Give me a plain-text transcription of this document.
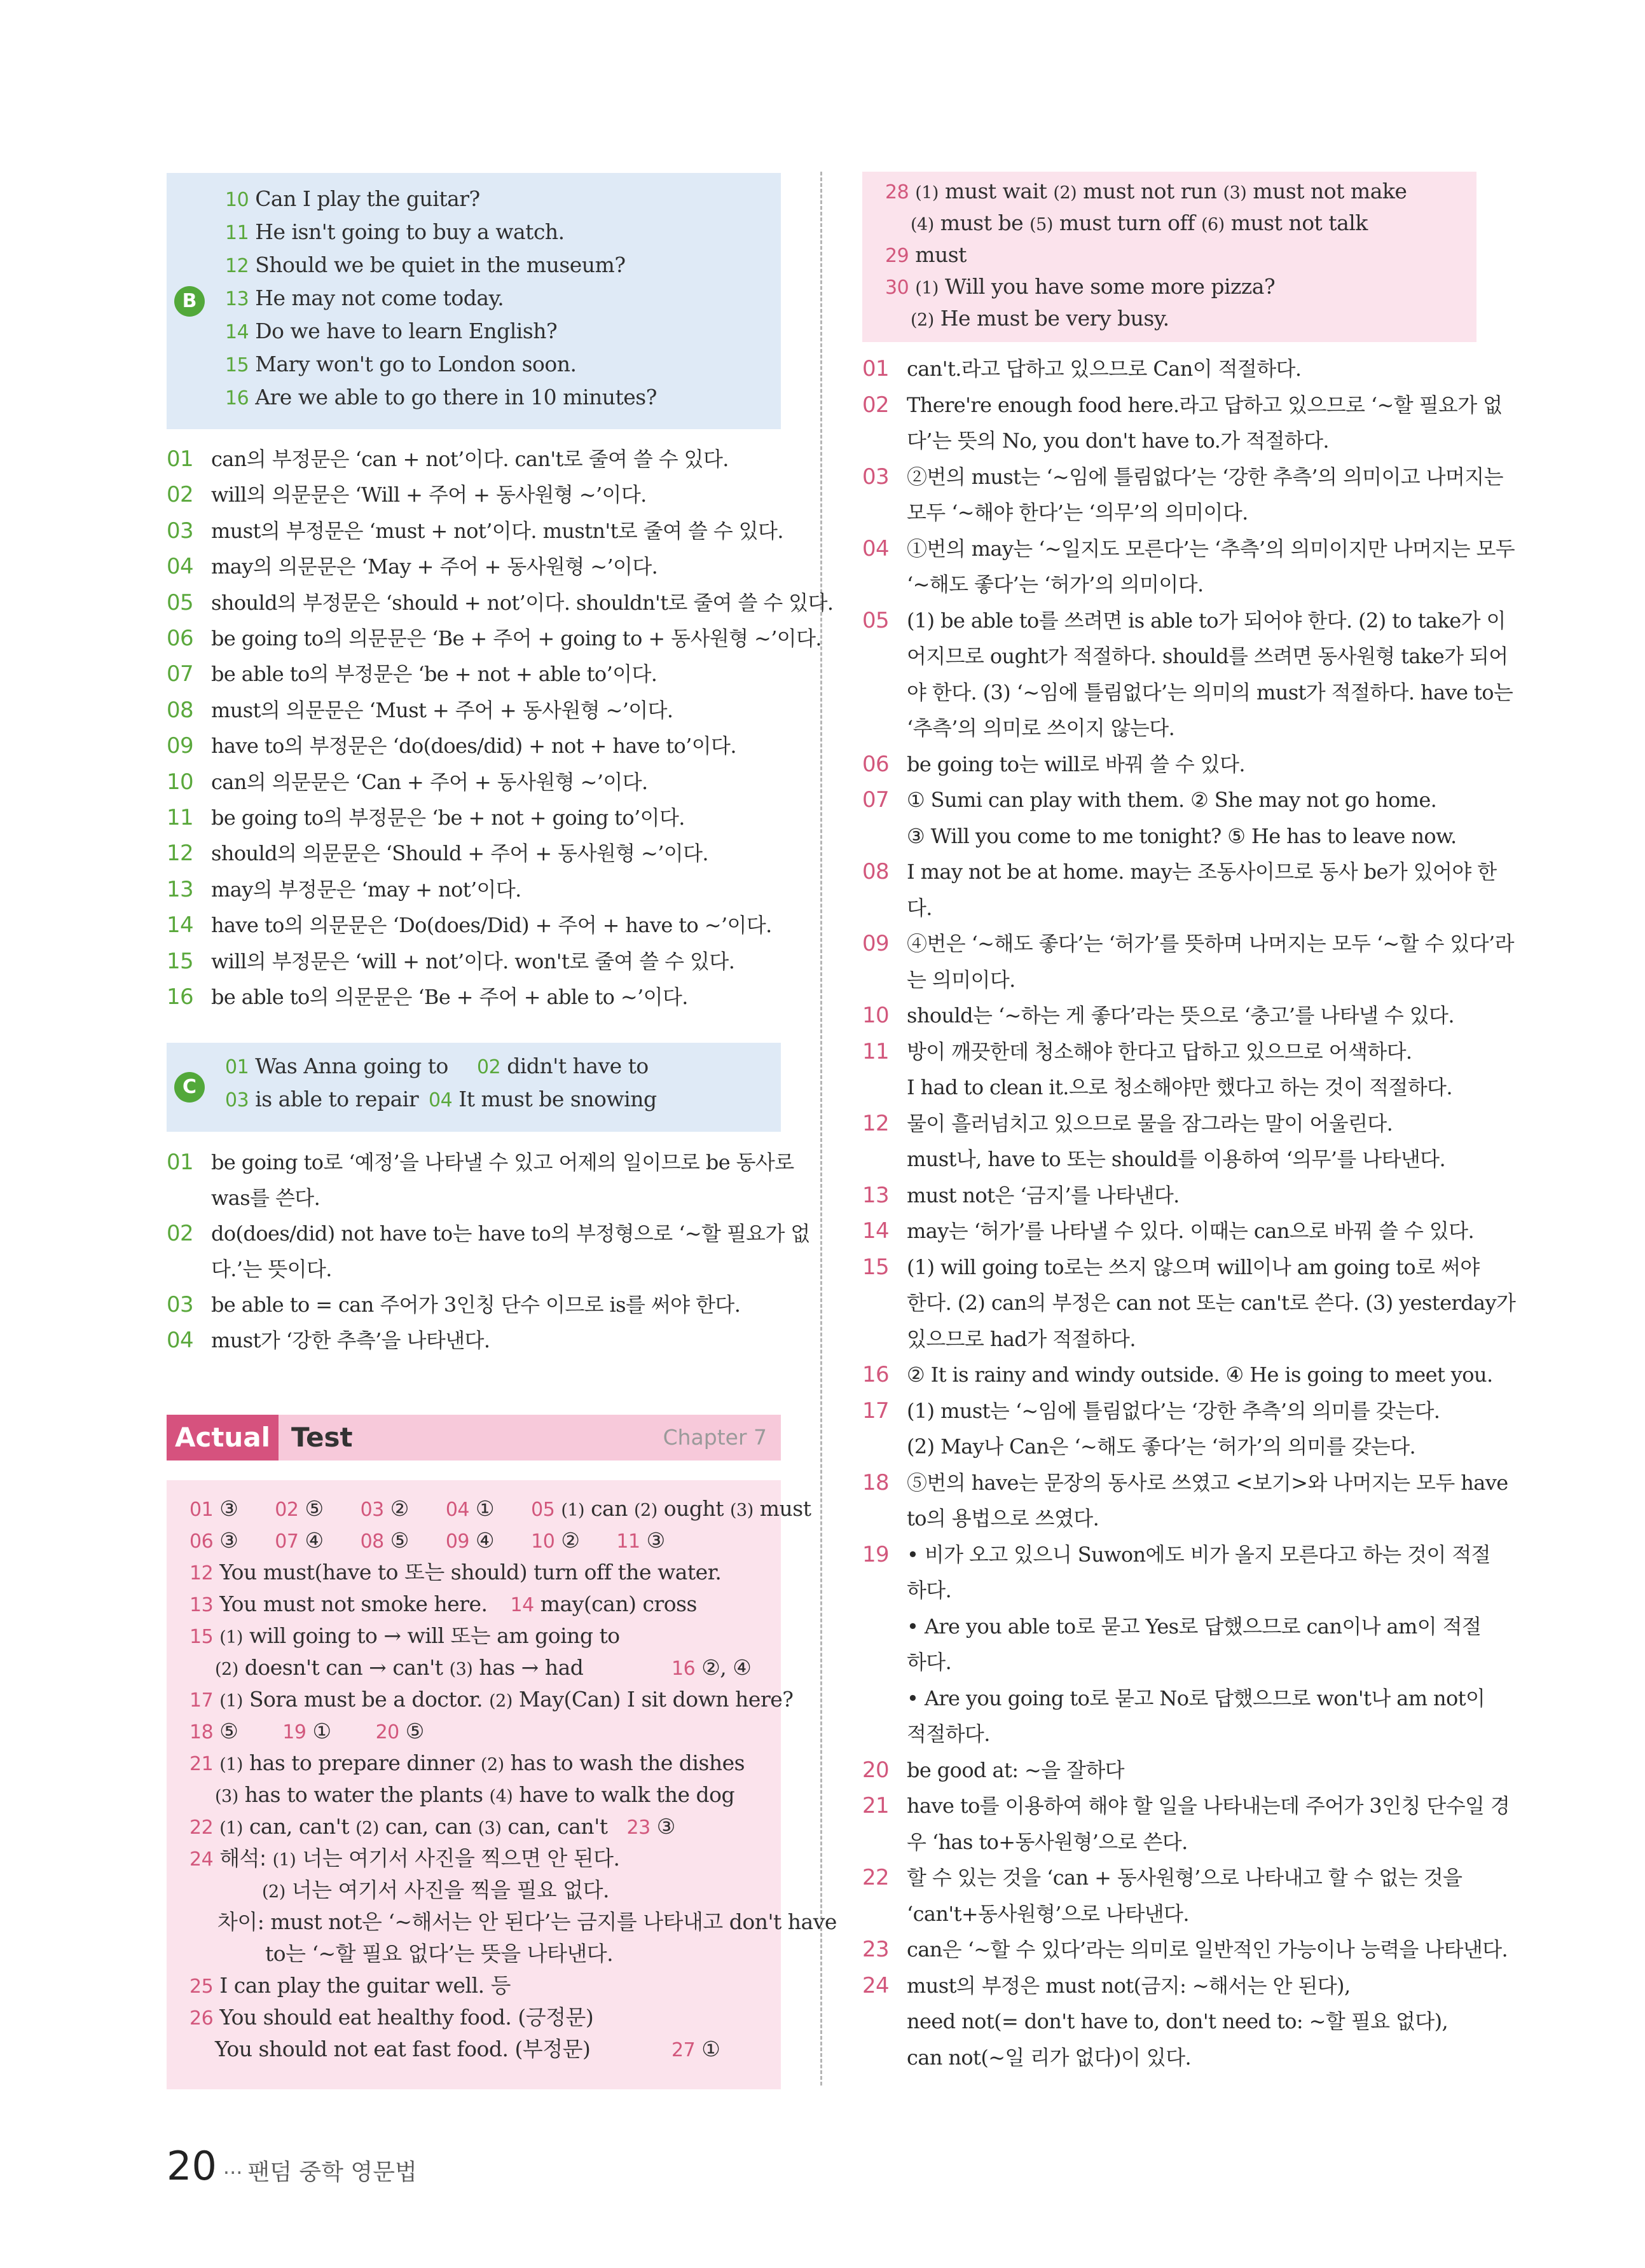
B
10 Can I play the guitar?
11 He isn't going to buy a watch.
12 Should we be quiet in the museum?
13 He may not come today.
14 Do we have to learn English?
15 Mary won't go to London soon.
16 Are we able to go there in 10 minutes?
01 can의 부정문은 ‘can + not’이다. can't로 줄여 쓸 수 있다.
02 will의 의문문은 ‘Will + 주어 + 동사원형 ~’이다.
03 must의 부정문은 ‘must + not’이다. mustn't로 줄여 쓸 수 있다.
04 may의 의문문은 ‘May + 주어 + 동사원형 ~’이다.
05 should의 부정문은 ‘should + not’이다. shouldn't로 줄여 쓸 수 있다.
06 be going to의 의문문은 ‘Be + 주어 + going to + 동사원형 ~’이다.
07 be able to의 부정문은 ‘be + not + able to’이다.
08 must의 의문문은 ‘Must + 주어 + 동사원형 ~’이다.
09 have to의 부정문은 ‘do(does/did) + not + have to’이다.
10 can의 의문문은 ‘Can + 주어 + 동사원형 ~’이다.
11 be going to의 부정문은 ‘be + not + going to’이다.
12 should의 의문문은 ‘Should + 주어 + 동사원형 ~’이다.
13 may의 부정문은 ‘may + not’이다.
14 have to의 의문문은 ‘Do(does/Did) + 주어 + have to ~’이다.
15 will의 부정문은 ‘will + not’이다. won't로 줄여 쓸 수 있다.
16 be able to의 의문문은 ‘Be + 주어 + able to ~’이다.
C
01 Was Anna going to 02 didn't have to
03 is able to repair 04 It must be snowing
01 be going to로 ‘예정’을 나타낼 수 있고 어제의 일이므로 be 동사로
was를 쓴다.
02 do(does/did) not have to는 have to의 부정형으로 ‘~할 필요가 없
다.’는 뜻이다.
03 be able to = can 주어가 3인칭 단수 이므로 is를 써야 한다.
04 must가 ‘강한 추측’을 나타낸다.
Actual Test	Chapter 7
01 ③ 02 ⑤ 03 ② 04 ① 05 (1) can (2) ought (3) must
06 ③ 07 ④ 08 ⑤ 09 ④ 10 ② 11 ③
12 You must(have to 또는 should) turn off the water.
13 You must not smoke here. 14 may(can) cross
15 (1) will going to → will 또는 am going to
(2) doesn't can → can't (3) has → had	16 ②, ④
17 (1) Sora must be a doctor. (2) May(Can) I sit down here?
18 ⑤ 19 ① 20 ⑤
21 (1) has to prepare dinner (2) has to wash the dishes
(3) has to water the plants (4) have to walk the dog
22 (1) can, can't (2) can, can (3) can, can't 23 ③
24 해석: (1) 너는 여기서 사진을 찍으면 안 된다.
(2) 너는 여기서 사진을 찍을 필요 없다.
차이: must not은 ‘~해서는 안 된다’는 금지를 나타내고 don't have
to는 ‘~할 필요 없다’는 뜻을 나타낸다.
25 I can play the guitar well. 등
26 You should eat healthy food. (긍정문)
You should not eat fast food. (부정문)	27 ①
28 (1) must wait (2) must not run (3) must not make
(4) must be (5) must turn off (6) must not talk
29 must
30 (1) Will you have some more pizza?
(2) He must be very busy.
01 can't.라고 답하고 있으므로 Can이 적절하다.
02 There're enough food here.라고 답하고 있으므로 ‘~할 필요가 없
다’는 뜻의 No, you don't have to.가 적절하다.
03 ②번의 must는 ‘~임에 틀림없다’는 ‘강한 추측’의 의미이고 나머지는
모두 ‘~해야 한다’는 ‘의무’의 의미이다.
04 ①번의 may는 ‘~일지도 모른다’는 ‘추측’의 의미이지만 나머지는 모두
‘~해도 좋다’는 ‘허가’의 의미이다.
05 (1) be able to를 쓰려면 is able to가 되어야 한다. (2) to take가 이
어지므로 ought가 적절하다. should를 쓰려면 동사원형 take가 되어
야 한다. (3) ‘~임에 틀림없다’는 의미의 must가 적절하다. have to는
‘추측’의 의미로 쓰이지 않는다.
06 be going to는 will로 바꿔 쓸 수 있다.
07 ① Sumi can play with them. ② She may not go home.
③ Will you come to me tonight? ⑤ He has to leave now.
08 I may not be at home. may는 조동사이므로 동사 be가 있어야 한
다.
09 ④번은 ‘~해도 좋다’는 ‘허가’를 뜻하며 나머지는 모두 ‘~할 수 있다’라
는 의미이다.
10 should는 ‘~하는 게 좋다’라는 뜻으로 ‘충고’를 나타낼 수 있다.
11 방이 깨끗한데 청소해야 한다고 답하고 있으므로 어색하다.
I had to clean it.으로 청소해야만 했다고 하는 것이 적절하다.
12 물이 흘러넘치고 있으므로 물을 잠그라는 말이 어울린다.
must나, have to 또는 should를 이용하여 ‘의무’를 나타낸다.
13 must not은 ‘금지’를 나타낸다.
14 may는 ‘허가’를 나타낼 수 있다. 이때는 can으로 바꿔 쓸 수 있다.
15 (1) will going to로는 쓰지 않으며 will이나 am going to로 써야
한다. (2) can의 부정은 can not 또는 can't로 쓴다. (3) yesterday가
있으므로 had가 적절하다.
16 ② It is rainy and windy outside. ④ He is going to meet you.
17 (1) must는 ‘~임에 틀림없다’는 ‘강한 추측’의 의미를 갖는다.
(2) May나 Can은 ‘~해도 좋다’는 ‘허가’의 의미를 갖는다.
18 ⑤번의 have는 문장의 동사로 쓰였고 <보기>와 나머지는 모두 have
to의 용법으로 쓰였다.
19 • 비가 오고 있으니 Suwon에도 비가 올지 모른다고 하는 것이 적절
하다.
• Are you able to로 묻고 Yes로 답했으므로 can이나 am이 적절
하다.
• Are you going to로 묻고 No로 답했으므로 won't나 am not이
적절하다.
20 be good at: ~을 잘하다
21 have to를 이용하여 해야 할 일을 나타내는데 주어가 3인칭 단수일 경
우 ‘has to+동사원형’으로 쓴다.
22 할 수 있는 것을 ‘can + 동사원형’으로 나타내고 할 수 없는 것을
‘can't+동사원형’으로 나타낸다.
23 can은 ‘~할 수 있다’라는 의미로 일반적인 가능이나 능력을 나타낸다.
24 must의 부정은 must not(금지: ~해서는 안 된다),
need not(= don't have to, don't need to: ~할 필요 없다),
can not(~일 리가 없다)이 있다.
20 ··· 팬덤 중학 영문법
